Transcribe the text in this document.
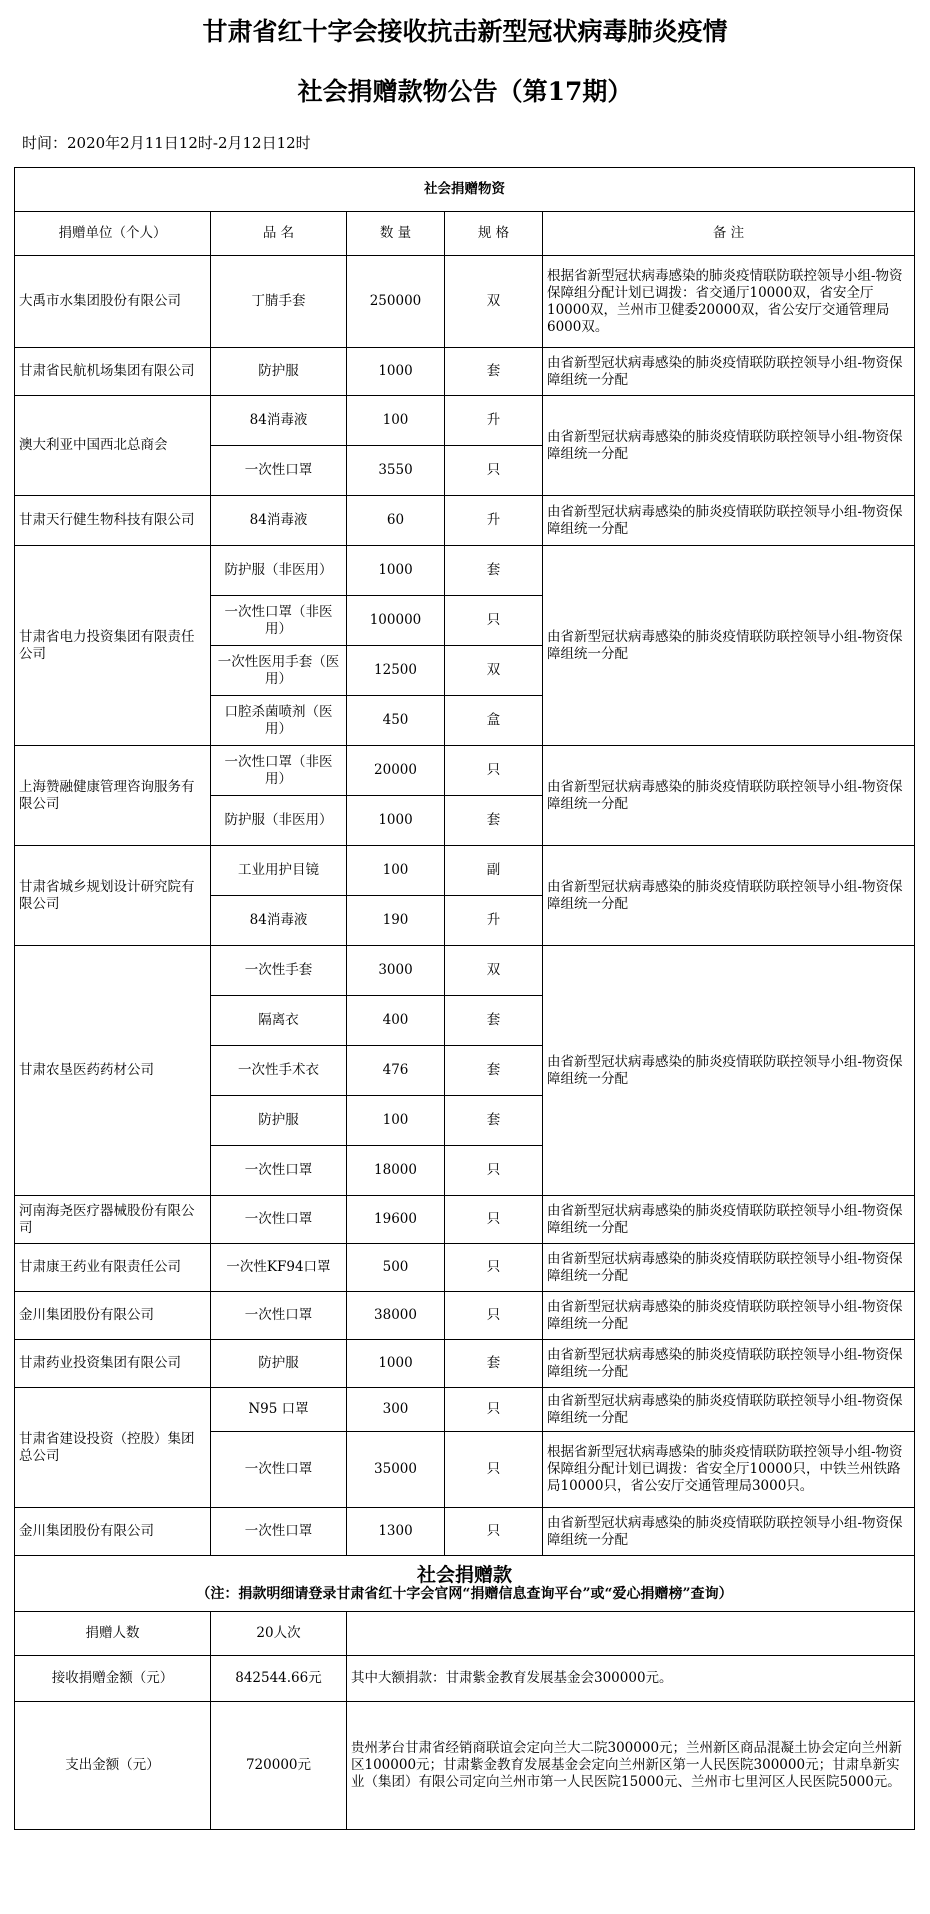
甘肃省红十字会接收抗击新型冠状病毒肺炎疫情
社会捐赠款物公告（第17期）
时间：2020年2月11日12时-2月12日12时
社会捐赠物资				
捐赠单位（个人）	品 名	数 量	规 格	备 注
大禹市水集团股份有限公司	丁腈手套	250000	双	根据省新型冠状病毒感染的肺炎疫情联防联控领导小组-物资保障组分配计划已调拨：省交通厅10000双，省安全厅10000双，兰州市卫健委20000双，省公安厅交通管理局6000双。
甘肃省民航机场集团有限公司	防护服	1000	套	由省新型冠状病毒感染的肺炎疫情联防联控领导小组-物资保障组统一分配
澳大利亚中国西北总商会	84消毒液	100	升	由省新型冠状病毒感染的肺炎疫情联防联控领导小组-物资保障组统一分配
	一次性口罩	3550	只	
甘肃天行健生物科技有限公司	84消毒液	60	升	由省新型冠状病毒感染的肺炎疫情联防联控领导小组-物资保障组统一分配
甘肃省电力投资集团有限责任公司	防护服（非医用）	1000	套	由省新型冠状病毒感染的肺炎疫情联防联控领导小组-物资保障组统一分配
	一次性口罩（非医用）	100000	只	
	一次性医用手套（医用）	12500	双	
	口腔杀菌喷剂（医用）	450	盒	
上海赞融健康管理咨询服务有限公司	一次性口罩（非医用）	20000	只	由省新型冠状病毒感染的肺炎疫情联防联控领导小组-物资保障组统一分配
	防护服（非医用）	1000	套	
甘肃省城乡规划设计研究院有限公司	工业用护目镜	100	副	由省新型冠状病毒感染的肺炎疫情联防联控领导小组-物资保障组统一分配
	84消毒液	190	升	
甘肃农垦医药药材公司	一次性手套	3000	双	由省新型冠状病毒感染的肺炎疫情联防联控领导小组-物资保障组统一分配
	隔离衣	400	套	
	一次性手术衣	476	套	
	防护服	100	套	
	一次性口罩	18000	只	
河南海尧医疗器械股份有限公司	一次性口罩	19600	只	由省新型冠状病毒感染的肺炎疫情联防联控领导小组-物资保障组统一分配
甘肃康王药业有限责任公司	一次性KF94口罩	500	只	由省新型冠状病毒感染的肺炎疫情联防联控领导小组-物资保障组统一分配
金川集团股份有限公司	一次性口罩	38000	只	由省新型冠状病毒感染的肺炎疫情联防联控领导小组-物资保障组统一分配
甘肃药业投资集团有限公司	防护服	1000	套	由省新型冠状病毒感染的肺炎疫情联防联控领导小组-物资保障组统一分配
甘肃省建设投资（控股）集团总公司	N95 口罩	300	只	由省新型冠状病毒感染的肺炎疫情联防联控领导小组-物资保障组统一分配
	一次性口罩	35000	只	根据省新型冠状病毒感染的肺炎疫情联防联控领导小组-物资保障组分配计划已调拨：省安全厅10000只，中铁兰州铁路局10000只，省公安厅交通管理局3000只。
金川集团股份有限公司	一次性口罩	1300	只	由省新型冠状病毒感染的肺炎疫情联防联控领导小组-物资保障组统一分配

社会捐赠款
（注：捐款明细请登录甘肃省红十字会官网“捐赠信息查询平台”或“爱心捐赠榜”查询）				

捐赠人数	20人次			
接收捐赠金额（元）	842544.66元	其中大额捐款：甘肃紫金教育发展基金会300000元。		
支出金额（元）	720000元	贵州茅台甘肃省经销商联谊会定向兰大二院300000元；兰州新区商品混凝土协会定向兰州新区100000元；甘肃紫金教育发展基金会定向兰州新区第一人民医院300000元；甘肃阜新实业（集团）有限公司定向兰州市第一人民医院15000元、兰州市七里河区人民医院5000元。		
